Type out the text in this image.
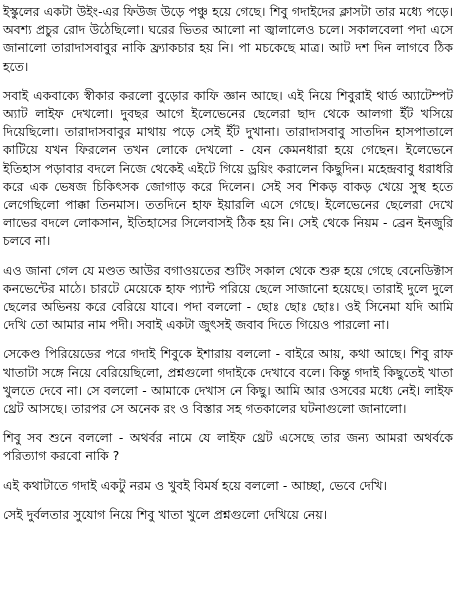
ইস্কুলের একটা উইং-এর ফিউজ উড়ে পঞ্চু হয়ে গেছে। শিবু গদাইদের ক্লাসটা তার মধ্যে পড়ে। অবশ্য প্রচুর রোদ উঠেছিলো। ঘরের ভিতর আলো না জ্বালালেও চলে। সকালবেলা পদা এসে জানালো তারাদাসবাবুর নাকি ফ্র্যাকচার হয় নি। পা মচকেছে মাত্র। আট দশ দিন লাগবে ঠিক হতে।

সবাই একবাক্যে স্বীকার করলো বুড়োর কাফি জ্ঞান আছে। এই নিয়ে শিবুরাই থার্ড অ্যাটেম্পট অ্যাট লাইফ দেখলো। দুবছর আগে ইলেভেনের ছেলেরা ছাদ থেকে আলগা ইঁট খসিয়ে দিয়েছিলো। তারাদাসবাবুর মাথায় পড়ে সেই ইঁট দুখানা। তারাদাসবাবু সাতদিন হাসপাতালে কাটিয়ে যখন ফিরলেন তখন লোকে দেখলো - যেন কেমনধারা হয়ে গেছেন। ইলেভেনে ইতিহাস পড়াবার বদলে নিজে থেকেই এইটে গিয়ে ড্রয়িং করালেন কিছুদিন। মহেন্দ্রবাবু ধরাধরি করে এক ভেষজ চিকিৎসক জোগাড় করে দিলেন। সেই সব শিকড় বাকড় খেয়ে সুস্থ হতে লেগেছিলো পাক্কা তিনমাস। ততদিনে হাফ ইয়ারলি এসে গেছে। ইলেভেনের ছেলেরা দেখে লাভের বদলে লোকসান, ইতিহাসের সিলেবাসই ঠিক হয় নি। সেই থেকে নিয়ম - ব্রেন ইনজুরি চলবে না।

এও জানা গেল যে মণ্ডত আউর বগাওয়তের শুটিং সকাল থেকে শুরু হয়ে গেছে বেনেডিক্টাস কনভেন্টের মাঠে। চারটে মেয়েকে হাফ প্যান্ট পরিয়ে ছেলে সাজানো হয়েছে। তারাই দুলে দুলে ছেলের অভিনয় করে বেরিয়ে যাবে। পদা বললো - ছোঃ ছোঃ ছোঃ। ওই সিনেমা যদি আমি দেখি তো আমার নাম পদী। সবাই একটা জুৎসই জবাব দিতে গিয়েও পারলো না।

সেকেণ্ড পিরিয়েডের পরে গদাই শিবুকে ইশারায় বললো - বাইরে আয়, কথা আছে। শিবু রাফ খাতাটা সঙ্গে নিয়ে বেরিয়েছিলো, প্রশ্নগুলো গদাইকে দেখাবে বলে। কিন্তু গদাই কিছুতেই খাতা খুলতে দেবে না। সে বললো - আমাকে দেখাস নে কিছু। আমি আর ওসবের মধ্যে নেই। লাইফ থ্রেট আসছে। তারপর সে অনেক রং ও বিস্তার সহ গতকালের ঘটনাগুলো জানালো।

শিবু সব শুনে বললো - অথর্বর নামে যে লাইফ থ্রেট এসেছে তার জন্য আমরা অথর্বকে পরিত্যাগ করবো নাকি ?

এই কথাটাতে গদাই একটু নরম ও খুবই বিমর্ষ হয়ে বললো - আচ্ছা, ভেবে দেখি।

সেই দুর্বলতার সুযোগ নিয়ে শিবু খাতা খুলে প্রশ্নগুলো দেখিয়ে নেয়।
